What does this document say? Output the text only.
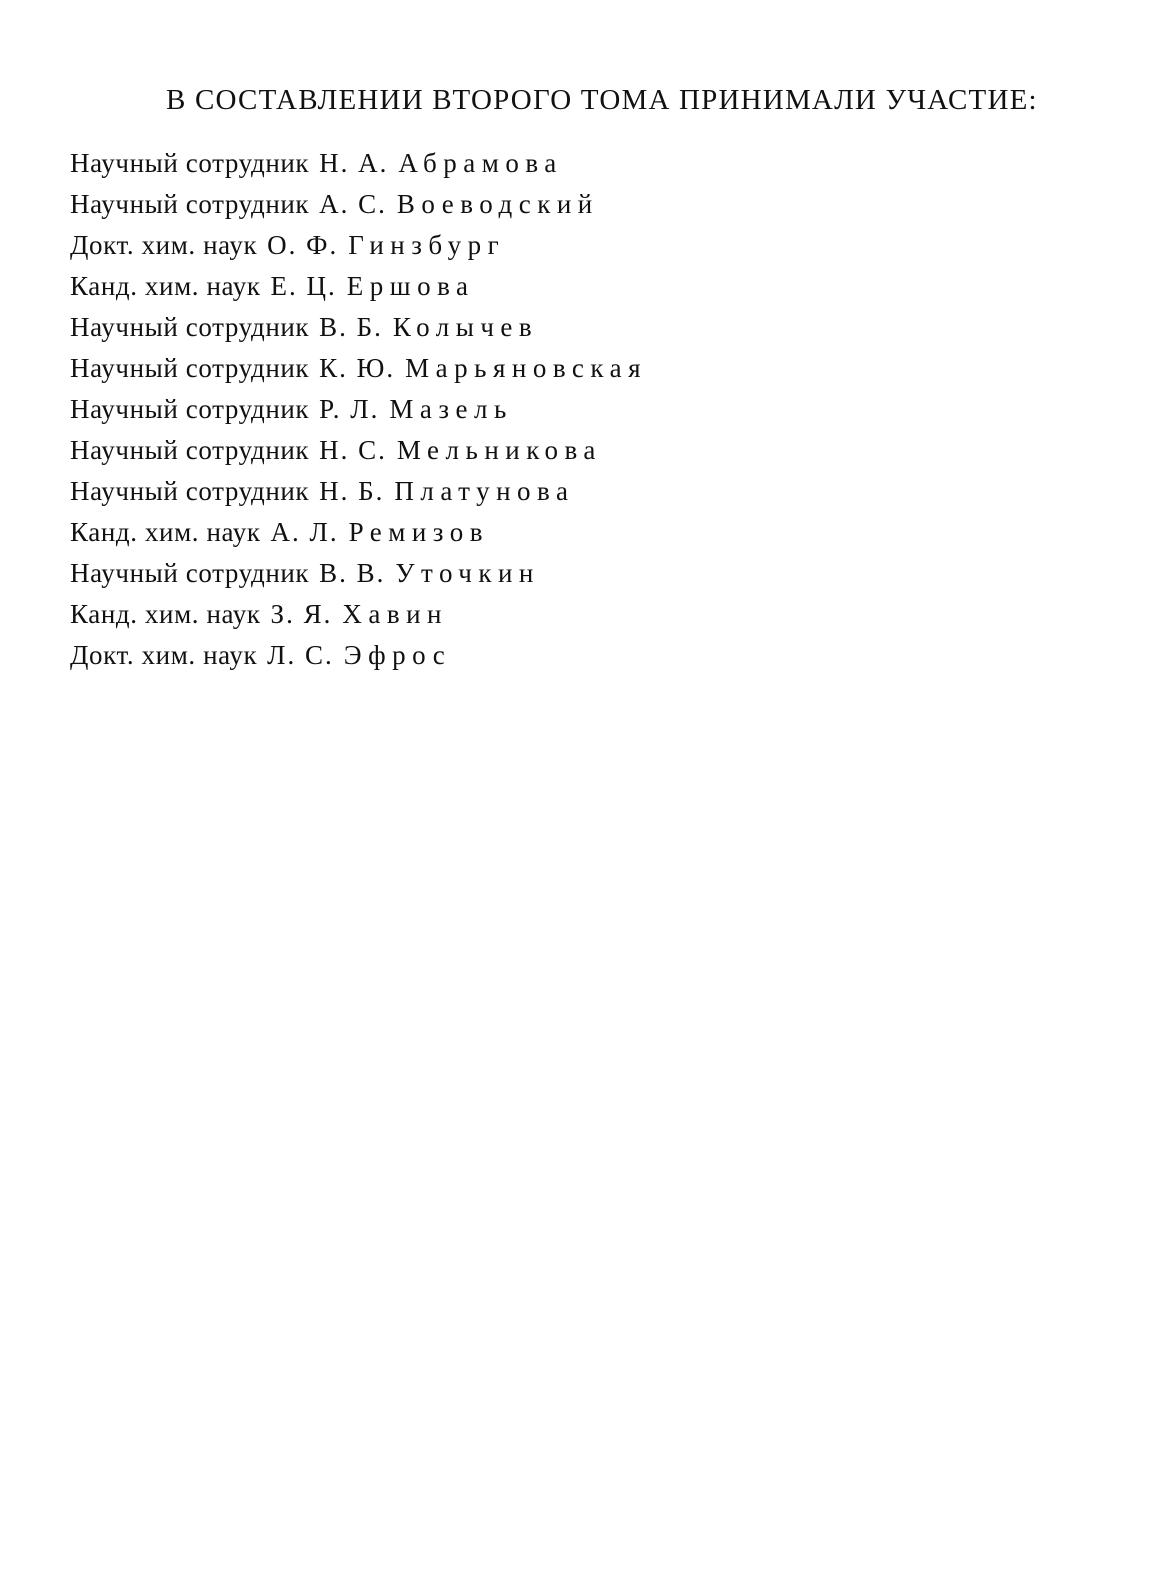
В СОСТАВЛЕНИИ ВТОРОГО ТОМА ПРИНИМАЛИ УЧАСТИЕ:
Научный сотрудник Н. А. Абрамова
Научный сотрудник А. С. Воеводский
Докт. хим. наук О. Ф. Гинзбург
Канд. хим. наук Е. Ц. Ершова
Научный сотрудник В. Б. Колычев
Научный сотрудник К. Ю. Марьяновская
Научный сотрудник Р. Л. Мазель
Научный сотрудник Н. С. Мельникова
Научный сотрудник Н. Б. Платунова
Канд. хим. наук А. Л. Ремизов
Научный сотрудник В. В. Уточкин
Канд. хим. наук З. Я. Хавин
Докт. хим. наук Л. С. Эфрос
